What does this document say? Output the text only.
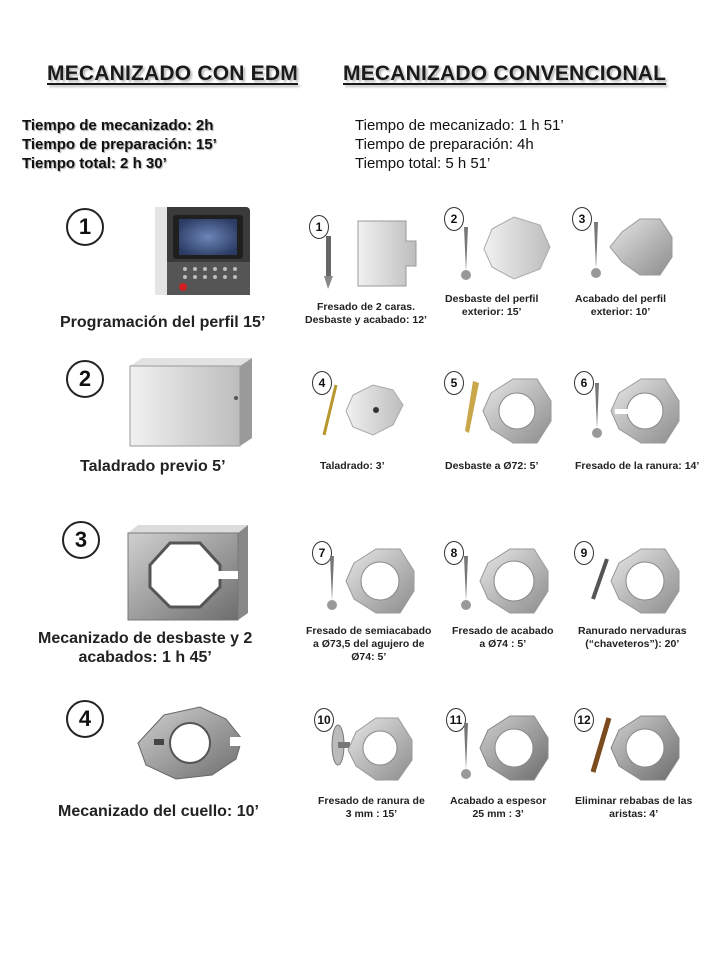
MECANIZADO CON EDM MECANIZADO CONVENCIONAL
Tiempo de mecanizado: 2h
Tiempo de preparación: 15’
Tiempo total: 2 h 30’
Tiempo de mecanizado: 1 h 51’
Tiempo de preparación: 4h
Tiempo total: 5 h 51’
1
Programación del perfil 15’
1
Fresado de 2 caras.
Desbaste y acabado: 12’
2
Desbaste del perfil
exterior: 15’
3
Acabado del perfil
exterior: 10’
2
Taladrado previo 5’
4
Taladrado: 3’
5
Desbaste a Ø72: 5’
6
Fresado de la ranura: 14’
3
Mecanizado de desbaste y 2
acabados: 1 h 45’
7
Fresado de semiacabado
a Ø73,5 del agujero de
Ø74: 5’
8
Fresado de acabado
a Ø74 : 5’
9
Ranurado nervaduras
(“chaveteros”): 20’
4
Mecanizado del cuello: 10’
10
Fresado de ranura de
3 mm : 15’
11
Acabado a espesor
25 mm : 3’
12
Eliminar rebabas de las
aristas: 4’
